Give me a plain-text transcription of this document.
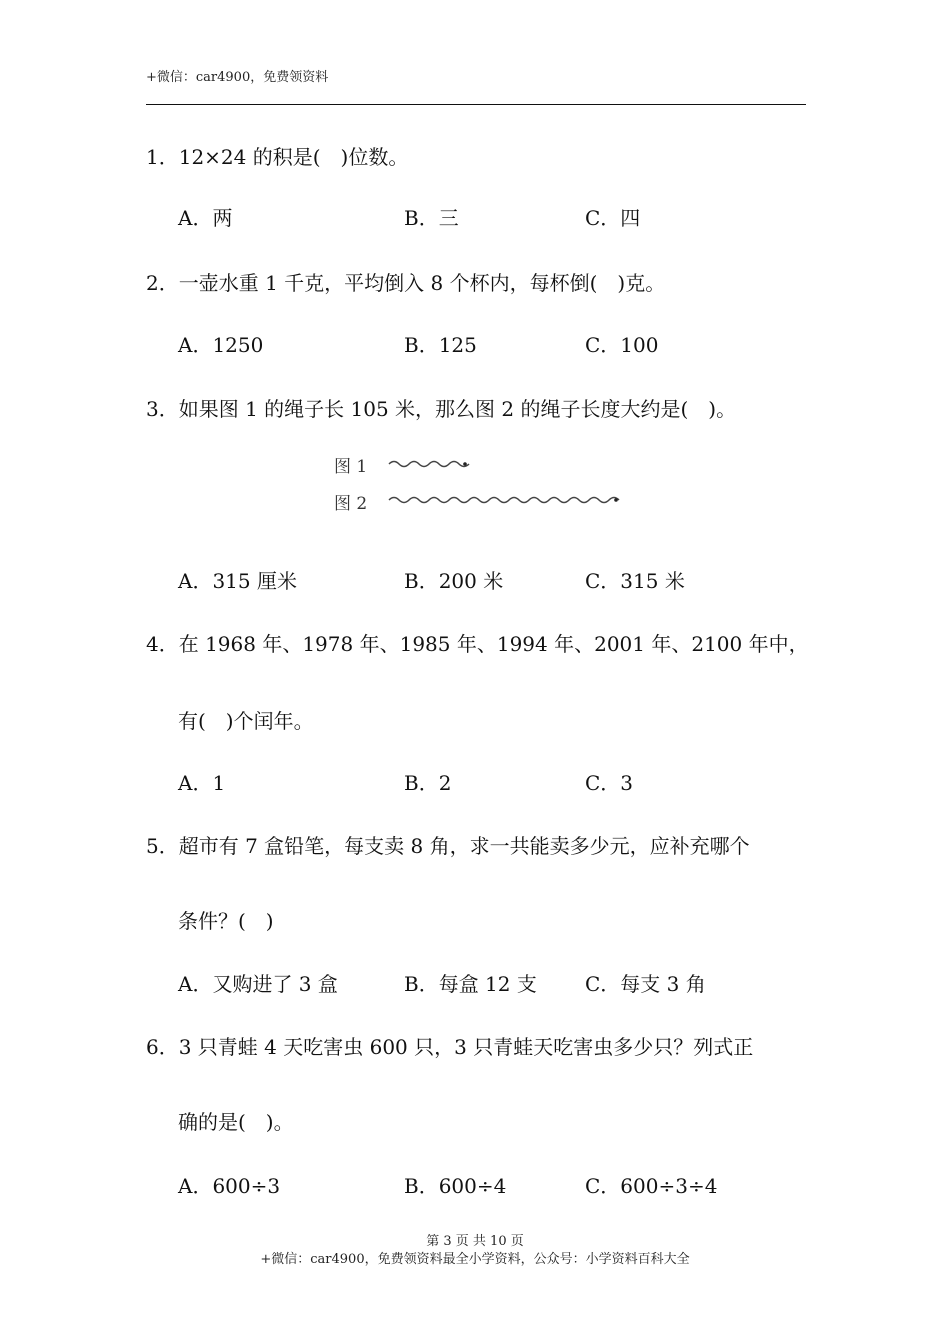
+微信：car4900，免费领资料
1．12×24 的积是(　)位数。
A．两	B．三	C．四
2．一壶水重 1 千克，平均倒入 8 个杯内，每杯倒(　)克。
A．1250	B．125	C．100
3．如果图 1 的绳子长 105 米，那么图 2 的绳子长度大约是(　)。
图 1
图 2
A．315 厘米	B．200 米	C．315 米
4．在 1968 年、1978 年、1985 年、1994 年、2001 年、2100 年中，
有(　)个闰年。
A．1	B．2	C．3
5．超市有 7 盒铅笔，每支卖 8 角，求一共能卖多少元，应补充哪个
条件？(　)
A．又购进了 3 盒	B．每盒 12 支 C．每支 3 角
6．3 只青蛙 4 天吃害虫 600 只，3 只青蛙天吃害虫多少只？列式正
确的是(　)。
A．600÷3	B．600÷4	C．600÷3÷4
第 3 页 共 10 页
+微信：car4900，免费领资料最全小学资料，公众号：小学资料百科大全
